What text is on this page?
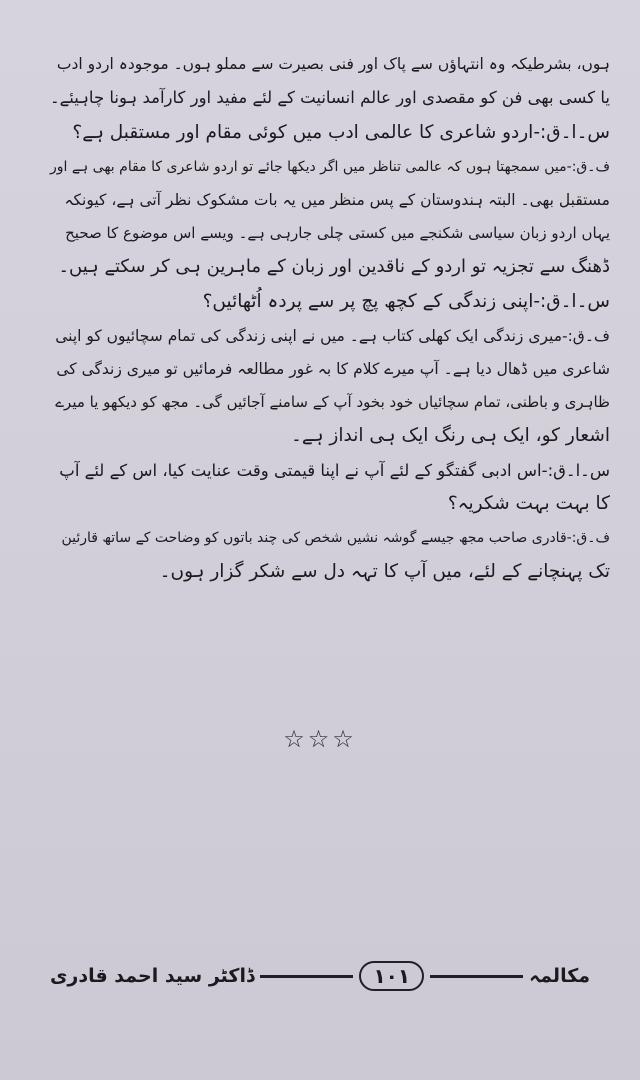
ہوں، بشرطیکہ وہ انتہاؤں سے پاک اور فنی بصیرت سے مملو ہوں۔ موجودہ اردو ادب
یا کسی بھی فن کو مقصدی اور عالم انسانیت کے لئے مفید اور کارآمد ہونا چاہیئے۔

س۔ا۔ق:-اردو شاعری کا عالمی ادب میں کوئی مقام اور مستقبل ہے؟

ف۔ق:-میں سمجھتا ہوں کہ عالمی تناظر میں اگر دیکھا جائے تو اردو شاعری کا مقام بھی ہے اور
مستقبل بھی۔ البتہ ہندوستان کے پس منظر میں یہ بات مشکوک نظر آتی ہے، کیونکہ
یہاں اردو زبان سیاسی شکنجے میں کستی چلی جارہی ہے۔ ویسے اس موضوع کا صحیح
ڈھنگ سے تجزیہ تو اردو کے ناقدین اور زبان کے ماہرین ہی کر سکتے ہیں۔

س۔ا۔ق:-اپنی زندگی کے کچھ پچ پر سے پردہ اُٹھائیں؟

ف۔ق:-میری زندگی ایک کھلی کتاب ہے۔ میں نے اپنی زندگی کی تمام سچائیوں کو اپنی
شاعری میں ڈھال دیا ہے۔ آپ میرے کلام کا بہ غور مطالعہ فرمائیں تو میری زندگی کی
ظاہری و باطنی، تمام سچائیاں خود بخود آپ کے سامنے آجائیں گی۔ مجھ کو دیکھو یا میرے
اشعار کو، ایک ہی رنگ ایک ہی انداز ہے۔

س۔ا۔ق:-اس ادبی گفتگو کے لئے آپ نے اپنا قیمتی وقت عنایت کیا، اس کے لئے آپ
کا بہت بہت شکریہ؟

ف۔ق:-قادری صاحب مجھ جیسے گوشہ نشیں شخص کی چند باتوں کو وضاحت کے ساتھ قارئین
تک پہنچانے کے لئے، میں آپ کا تہہ دل سے شکر گزار ہوں۔

☆☆☆
ڈاکٹر سید احمد قادری	۱۰۱	مکالمہ
